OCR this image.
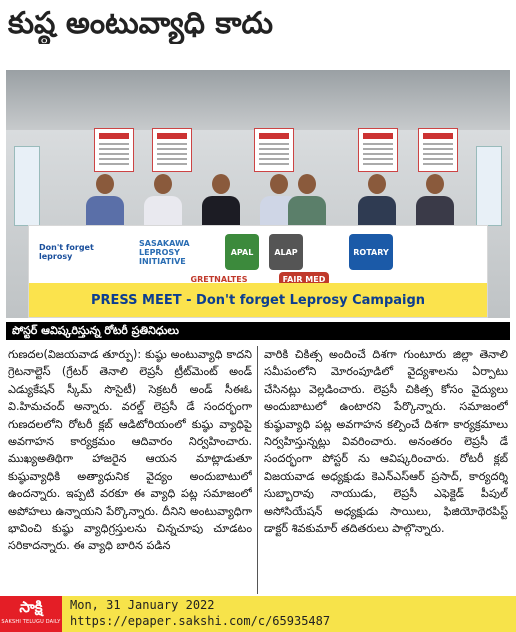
కుష్ఠ అంటువ్యాధి కాదు
Don't forget leprosy
SASAKAWA LEPROSY INITIATIVE
APAL	ALAP	ROTARY
GRETNALTES	FAIR MED
PRESS MEET - Don't forget Leprosy Campaign
పోస్టర్ ఆవిష్కరిస్తున్న రోటరీ ప్రతినిధులు
గుణదల(విజయవాడ తూర్పు): కుష్ఠు అంటువ్యాధి కాదని గ్రెటనాల్టెస్ (గ్రేటర్ తెనాలి లెప్రసీ ట్రీట్‌మెంట్ అండ్ ఎడ్యుకేషన్ స్కీమ్ సొసైటీ) సెక్రటరీ అండ్ సీఈఓ వి.హిమచంద్ అన్నారు. వరల్డ్ లెప్రసీ డే సందర్భంగా గుణదలలోని రోటరీ క్లబ్ ఆడిటోరియంలో కుష్ఠు వ్యాధిపై అవగాహన కార్యక్రమం ఆదివారం నిర్వహించారు. ముఖ్యఅతిథిగా హాజరైన ఆయన మాట్లాడుతూ కుష్ఠువ్యాధికి అత్యాధునిక వైద్యం అందుబాటులో ఉందన్నారు. ఇప్పటి వరకూ ఈ వ్యాధి పట్ల సమాజంలో అపోహలు ఉన్నాయని పేర్కొన్నారు. దీనిని అంటువ్యాధిగా భావించి కుష్ఠు వ్యాధిగ్రస్తులను చిన్నచూపు చూడటం సరికాదన్నారు. ఈ వ్యాధి బారిన పడిన
వారికి చికిత్స అందించే దిశగా గుంటూరు జిల్లా తెనాలి సమీపంలోని మోరంపూడిలో వైద్యశాలను ఏర్పాటు చేసినట్లు వెల్లడించారు. లెప్రసీ చికిత్స కోసం వైద్యులు అందుబాటులో ఉంటారని పేర్కొన్నారు. సమాజంలో కుష్ఠువ్యాధి పట్ల అవగాహన కల్పించే దిశగా కార్యక్రమాలు నిర్వహిస్తున్నట్లు వివరించారు. అనంతరం లెప్రసీ డే సందర్భంగా పోస్టర్ ను ఆవిష్కరించారు. రోటరీ క్లబ్ విజయవాడ అధ్యక్షుడు కెఎన్ఎస్ఆర్ ప్రసాద్, కార్యదర్శి సుబ్బారావు నాయుడు, లెప్రసీ ఎఫెక్టెడ్ పీపుల్ అసోసియేషన్ అధ్యక్షుడు సాయిలు, ఫిజియోథెరపిస్ట్ డాక్టర్ శివకుమార్ తదితరులు పాల్గొన్నారు.
సాక్షి
SAKSHI TELUGU DAILY
Mon, 31 January 2022
https://epaper.sakshi.com/c/65935487
